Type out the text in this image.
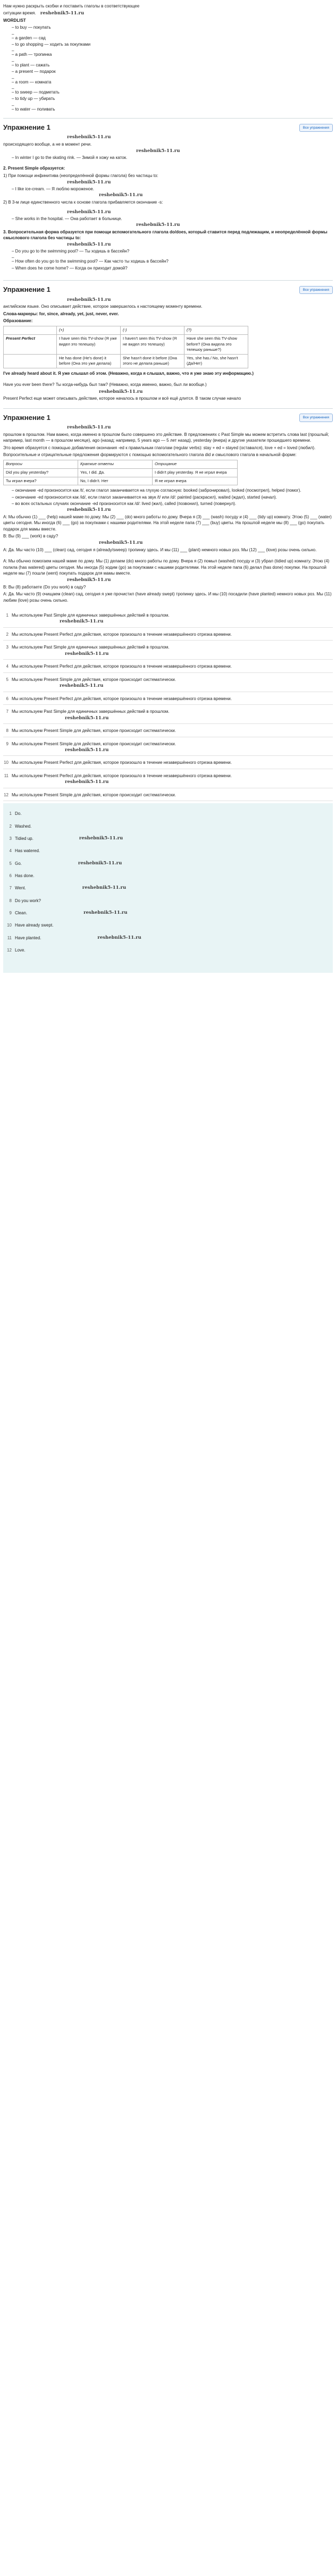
Нам нужно раскрыть скобки и поставить глаголы в соответствующее

ситуации время. reshebnik5-11.ru

WORDLIST

– to buy — покупать
–
– a garden — сад
– to go shopping — ходить за покупками
–
– a path — тропинка
–
– to plant — сажать
– a present — подарок
–
– a room — комната
–
– to sweep — подметать
– to tidy up — убирать
–
– to water — поливать
Упражнение 1	Все упражнения
reshebnik5-11.ru

происходящего вообще, а не в момент речи.

reshebnik5-11.ru
– In winter I go to the skating rink. — Зимой я хожу на каток.

2. Present Simple образуется:

1) При помощи инфинитива (неопределённой формы глагола) без частицы to:

reshebnik5-11.ru
– I like ice-cream. — Я люблю мороженое.
reshebnik5-11.ru

2) В 3-м лице единственного числа к основе глагола прибавляется окончание -s:

reshebnik5-11.ru
– She works in the hospital. — Она работает в больнице.
reshebnik5-11.ru

3. Вопросительная форма образуется при помощи вспомогательного глагола do/does, который ставится перед подлежащим, и неопределённой формы смыслового глагола без частицы to:

reshebnik5-11.ru
– Do you go to the swimming pool? — Ты ходишь в бассейн?
–
– How often do you go to the swimming pool? — Как часто ты ходишь в бассейн?
– When does he come home? — Когда он приходит домой?
Упражнение 1	Все упражнения
reshebnik5-11.ru

английском языке. Оно описывает действие, которое завершилось к настоящему моменту времени.

Слова-маркеры: for, since, already, yet, just, never, ever.

Образование:

	(+)	(-)	(?)
Present Perfect	I have seen this TV-show (Я уже видел это телешоу)	I haven't seen this TV-show (Я не видел это телешоу)	Have she seen this TV-show before? (Она видела это телешоу раньше?)
	He has done (He's done) it before (Она это уже делала)	She hasn't done it before (Она этого не делала раньше)	Yes, she has./ No, she hasn't (Да/Нет)

I've already heard about it. Я уже слышал об этом. (Неважно, когда я слышал, важно, что я уже знаю эту информацию.)

Have you ever been there? Ты когда-нибудь был там? (Неважно, когда именно, важно, был ли вообще.)

reshebnik5-11.ru

Present Perfect еще может описывать действие, которое началось в прошлом и всё ещё длится. В таком случае начало

Упражнение 1	Все упражнения
reshebnik5-11.ru

прошлом в прошлом. Нам важно, когда именно в прошлом было совершено это действие. В предложениях с Past Simple мы можем встретить слова last (прошлый; например, last month — в прошлом месяце), ago (назад; например, 5 years ago — 5 лет назад), yesterday (вчера) и другие указатели прошедшего времени.

Это время образуется с помощью добавления окончания -ed к правильным глаголам (regular verbs): stay + ed = stayed (оставался), love + ed = loved (любил).

Вопросительные и отрицательные предложения формируются с помощью вспомогательного глагола did и смыслового глагола в начальной форме:

Вопросы	Краткие ответы	Отрицание
Did you play yesterday?	Yes, I did. Да.	I didn't play yesterday. Я не играл вчера
Ты играл вчера?	No, I didn't. Нет	Я не играл вчера
– окончание -ed произносится как /t/, если глагол заканчивается на глухую согласную: booked (забронировал), looked (посмотрел), helped (помог).
– окончание -ed произносится как /id/, если глагол заканчивается на звук /t/ или /d/: painted (раскрасил), waited (ждал), started (начал).
– во всех остальных случаях окончание -ed произносится как /d/: lived (жил), called (позвонил), turned (повернул).
reshebnik5-11.ru

А: Мы обычно (1) ___ (help) нашей маме по дому. Мы (2) ___ (do) много работы по дому. Вчера я (3) ___ (wash) посуду и (4) ___ (tidy up) комнату. Этою (5) ___ (water) цветы сегодня. Мы иногда (6) ___ (go) за покупками с нашими родителями. На этой неделе папа (7) ___ (buy) цветы. На прошлой неделе мы (8) ___ (go) покупать подарок для мамы вместе.

B: Вы (9) ___ (work) в саду?

reshebnik5-11.ru

A: Да. Мы часто (10) ___ (clean) сад, сегодня я (already/sweep) тропинку здесь. И мы (11) ___ (plant) немного новых роз. Мы (12) ___ (love) розы очень сильно.

A: Мы обычно помогаем нашей маме по дому. Мы (1) делаем (do) много работы по дому. Вчера я (2) помыл (washed) посуду и (3) убрал (tidied up) комнату. Этою (4) полила (has watered) цветы сегодня. Мы иногда (5) ходим (go) за покупками с нашими родителями. На этой неделе папа (6) делал (has done) покупки. На прошлой неделе мы (7) пошли (went) покупать подарок для мамы вместе.

reshebnik5-11.ru

B: Вы (8) работаете (Do you work) в саду?

A: Да. Мы часто (9) очищаем (clean) сад, сегодня я уже прочистил (have already swept) тропинку здесь. И мы (10) посадили (have planted) немного новых роз. Мы (11) любим (love) розы очень сильно.

1 Мы используем Past Simple для единичных завершённых действий в прошлом.
reshebnik5-11.ru
2 Мы используем Present Perfect для действия, которое произошло в течение незавершённого отрезка времени.
3 Мы используем Past Simple для единичных завершённых действий в прошлом.
reshebnik5-11.ru
4 Мы используем Present Perfect для действия, которое произошло в течение незавершённого отрезка времени.
5 Мы используем Present Simple для действия, которое происходит систематически.
reshebnik5-11.ru
6 Мы используем Present Perfect для действия, которое произошло в течение незавершённого отрезка времени.
7 Мы используем Past Simple для единичных завершённых действий в прошлом.
reshebnik5-11.ru
8 Мы используем Present Simple для действия, которое происходит систематически.
9 Мы используем Present Simple для действия, которое происходит систематически.
reshebnik5-11.ru
10 Мы используем Present Perfect для действия, которое произошло в течение незавершённого отрезка времени.
11 Мы используем Present Perfect для действия, которое произошло в течение незавершённого отрезка времени.
reshebnik5-11.ru
12 Мы используем Present Simple для действия, которое происходит систематически.
1 Do.
2 Washed.
3 Tidied up.	reshebnik5-11.ru
4 Has watered.
5 Go.	reshebnik5-11.ru
6 Has done.
7 Went.	reshebnik5-11.ru
8 Do you work?
9 Clean.	reshebnik5-11.ru
10 Have already swept.
11 Have planted.	reshebnik5-11.ru
12 Love.
